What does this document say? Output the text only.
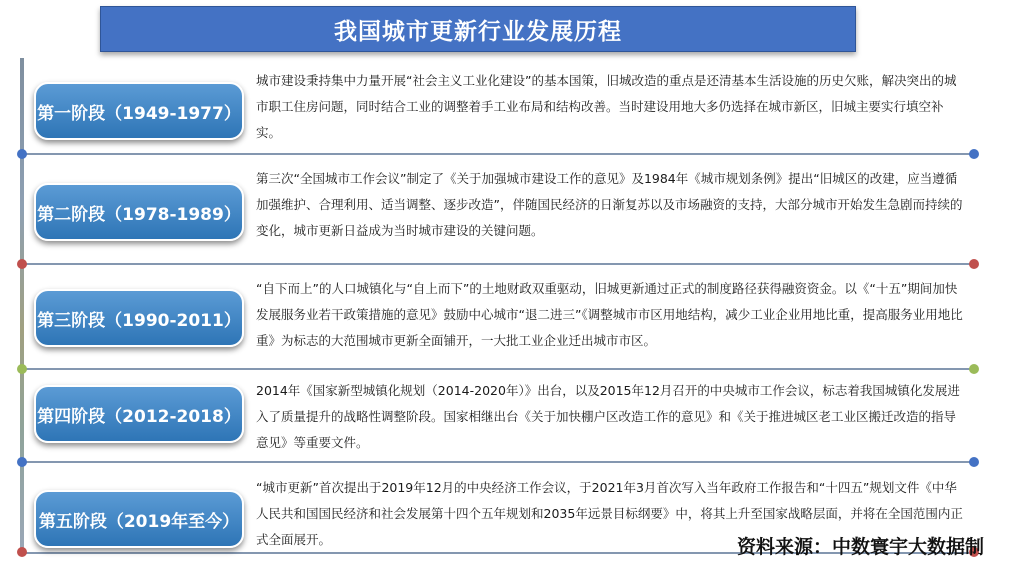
我国城市更新行业发展历程
第一阶段（1949-1977）

城市建设秉持集中力量开展“社会主义工业化建设”的基本国策，旧城改造的重点是还清基本生活设施的历史欠账，解决突出的城市职工住房问题，同时结合工业的调整着手工业布局和结构改善。当时建设用地大多仍选择在城市新区，旧城主要实行填空补实。

第二阶段（1978-1989）

第三次“全国城市工作会议”制定了《关于加强城市建设工作的意见》及1984年《城市规划条例》提出“旧城区的改建，应当遵循加强维护、合理利用、适当调整、逐步改造”，伴随国民经济的日渐复苏以及市场融资的支持，大部分城市开始发生急剧而持续的变化，城市更新日益成为当时城市建设的关键问题。

第三阶段（1990-2011）

“自下而上”的人口城镇化与“自上而下”的土地财政双重驱动，旧城更新通过正式的制度路径获得融资资金。以《“十五”期间加快发展服务业若干政策措施的意见》鼓励中心城市“退二进三”《调整城市市区用地结构，减少工业企业用地比重，提高服务业用地比重》为标志的大范围城市更新全面铺开，一大批工业企业迁出城市市区。

第四阶段（2012-2018）

2014年《国家新型城镇化规划（2014-2020年）》出台，以及2015年12月召开的中央城市工作会议，标志着我国城镇化发展进入了质量提升的战略性调整阶段。国家相继出台《关于加快棚户区改造工作的意见》和《关于推进城区老工业区搬迁改造的指导意见》等重要文件。

第五阶段（2019年至今）

“城市更新”首次提出于2019年12月的中央经济工作会议，于2021年3月首次写入当年政府工作报告和“十四五”规划文件《中华人民共和国国民经济和社会发展第十四个五年规划和2035年远景目标纲要》中，将其上升至国家战略层面，并将在全国范围内正式全面展开。	资料来源：中数寰宇大数据制
